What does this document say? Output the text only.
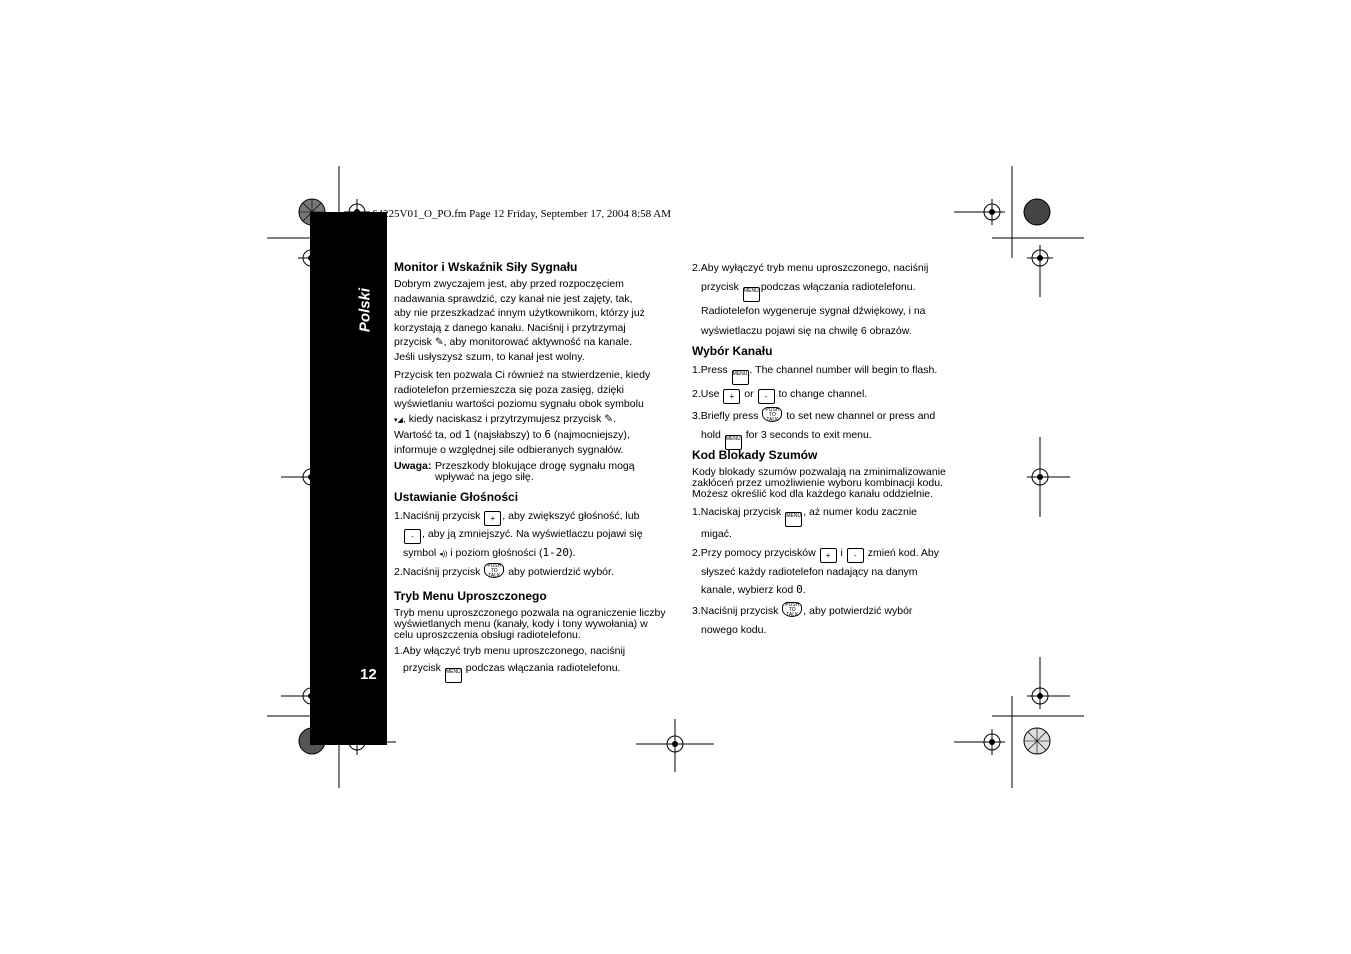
Polski
12
64225V01_O_PO.fm Page 12 Friday, September 17, 2004 8:58 AM
Monitor i Wskaźnik Siły Sygnału
Dobrym zwyczajem jest, aby przed rozpoczęciem
nadawania sprawdzić, czy kanał nie jest zajęty, tak,
aby nie przeszkadzać innym użytkownikom, którzy już
korzystają z danego kanału. Naciśnij i przytrzymaj
przycisk ✎, aby monitorować aktywność na kanale.
Jeśli usłyszysz szum, to kanał jest wolny.
Przycisk ten pozwala Ci również na stwierdzenie, kiedy
radiotelefon przemieszcza się poza zasięg, dzięki
wyświetlaniu wartości poziomu sygnału obok symbolu
▾◢, kiedy naciskasz i przytrzymujesz przycisk ✎.
Wartość ta, od 1 (najsłabszy) to 6 (najmocniejszy),
informuje o względnej sile odbieranych sygnałów.
Uwaga: Przeszkody blokujące drogę sygnału mogą wpływać na jego siłę.
Ustawianie Głośności
1.Naciśnij przycisk + , aby zwiększyć głośność, lub
- , aby ją zmniejszyć. Na wyświetlaczu pojawi się
symbol ◂)) i poziom głośności (1-20).
2.Naciśnij przycisk PUSH TO TALK aby potwierdzić wybór.
Tryb Menu Uproszczonego
Tryb menu uproszczonego pozwala na ograniczenie liczby wyświetlanych menu (kanały, kody i tony wywołania) w celu uproszczenia obsługi radiotelefonu.
1.Aby włączyć tryb menu uproszczonego, naciśnij
przycisk MENU podczas włączania radiotelefonu.
2.Aby wyłączyć tryb menu uproszczonego, naciśnij
przycisk MENU podczas włączania radiotelefonu.
Radiotelefon wygeneruje sygnał dźwiękowy, i na
wyświetlaczu pojawi się na chwilę 6 obrazów.
Wybór Kanału
1.Press MENU . The channel number will begin to flash.
2.Use + or - to change channel.
3.Briefly press PUSH TO TALK to set new channel or press and
hold MENU for 3 seconds to exit menu.
Kod Blokady Szumów
Kody blokady szumów pozwalają na zminimalizowanie zakłóceń przez umożliwienie wyboru kombinacji kodu. Możesz określić kod dla każdego kanału oddzielnie.
1.Naciskaj przycisk MENU , aż numer kodu zacznie
migać.
2.Przy pomocy przycisków + i - zmień kod. Aby
słyszeć każdy radiotelefon nadający na danym
kanale, wybierz kod 0.
3.Naciśnij przycisk PUSH TO TALK , aby potwierdzić wybór
nowego kodu.
